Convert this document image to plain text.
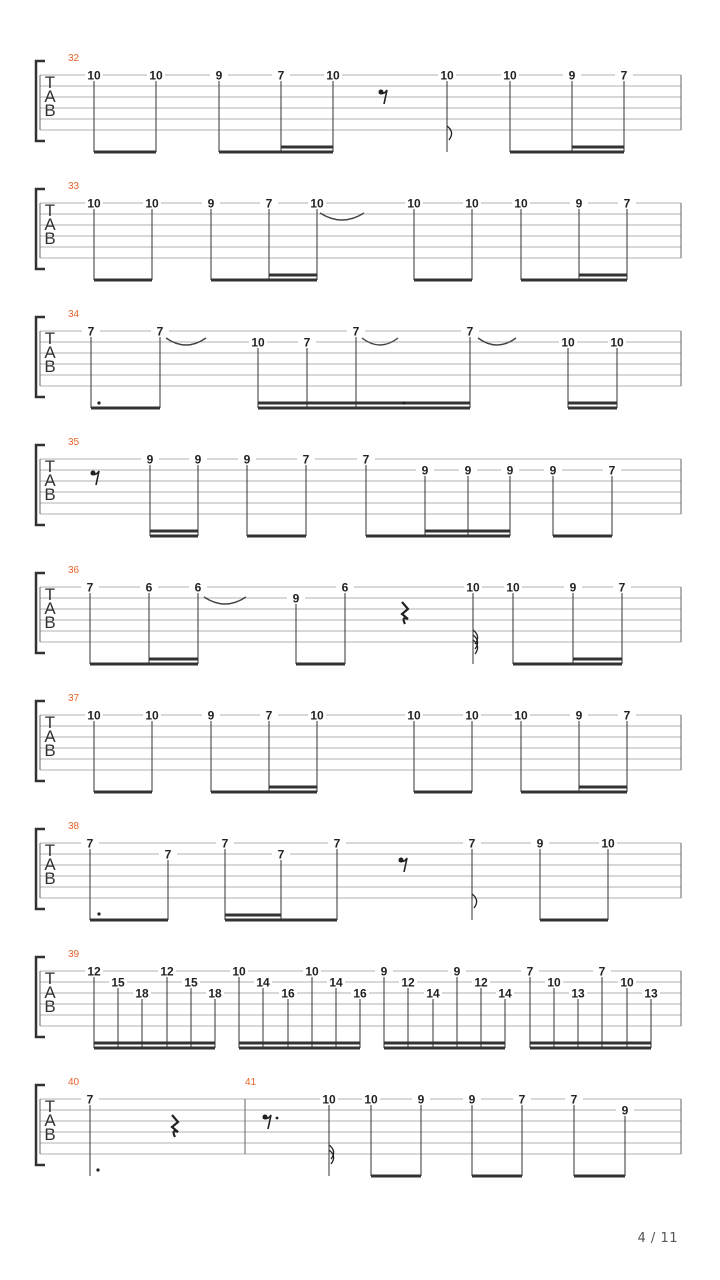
T
A
B
32
10	10	9	7	10	10	10	9	7
T
A
B
33
10	10	9	7	10	10	10	10	9	7
T
A
B
34
7	7
10	7
7	7
10	10
T
A
B
35
9	9	9	7	7
9	9	9	9	7
T
A
B
36
7	6	6
9
6	10 10	9	7
T
A
B
37
10	10	9	7	10	10	10	10	9	7
T
A
B
38
7
7
7
7
7	7	9	10
T
A
B
39
12
15
18
12
15
18
10
14
16
10
14
16
9
12
14
9
12
14
7
10
13
7
10
13
T
A
B
40	41
7	10 10	9	9	7	7
9
4 / 11
